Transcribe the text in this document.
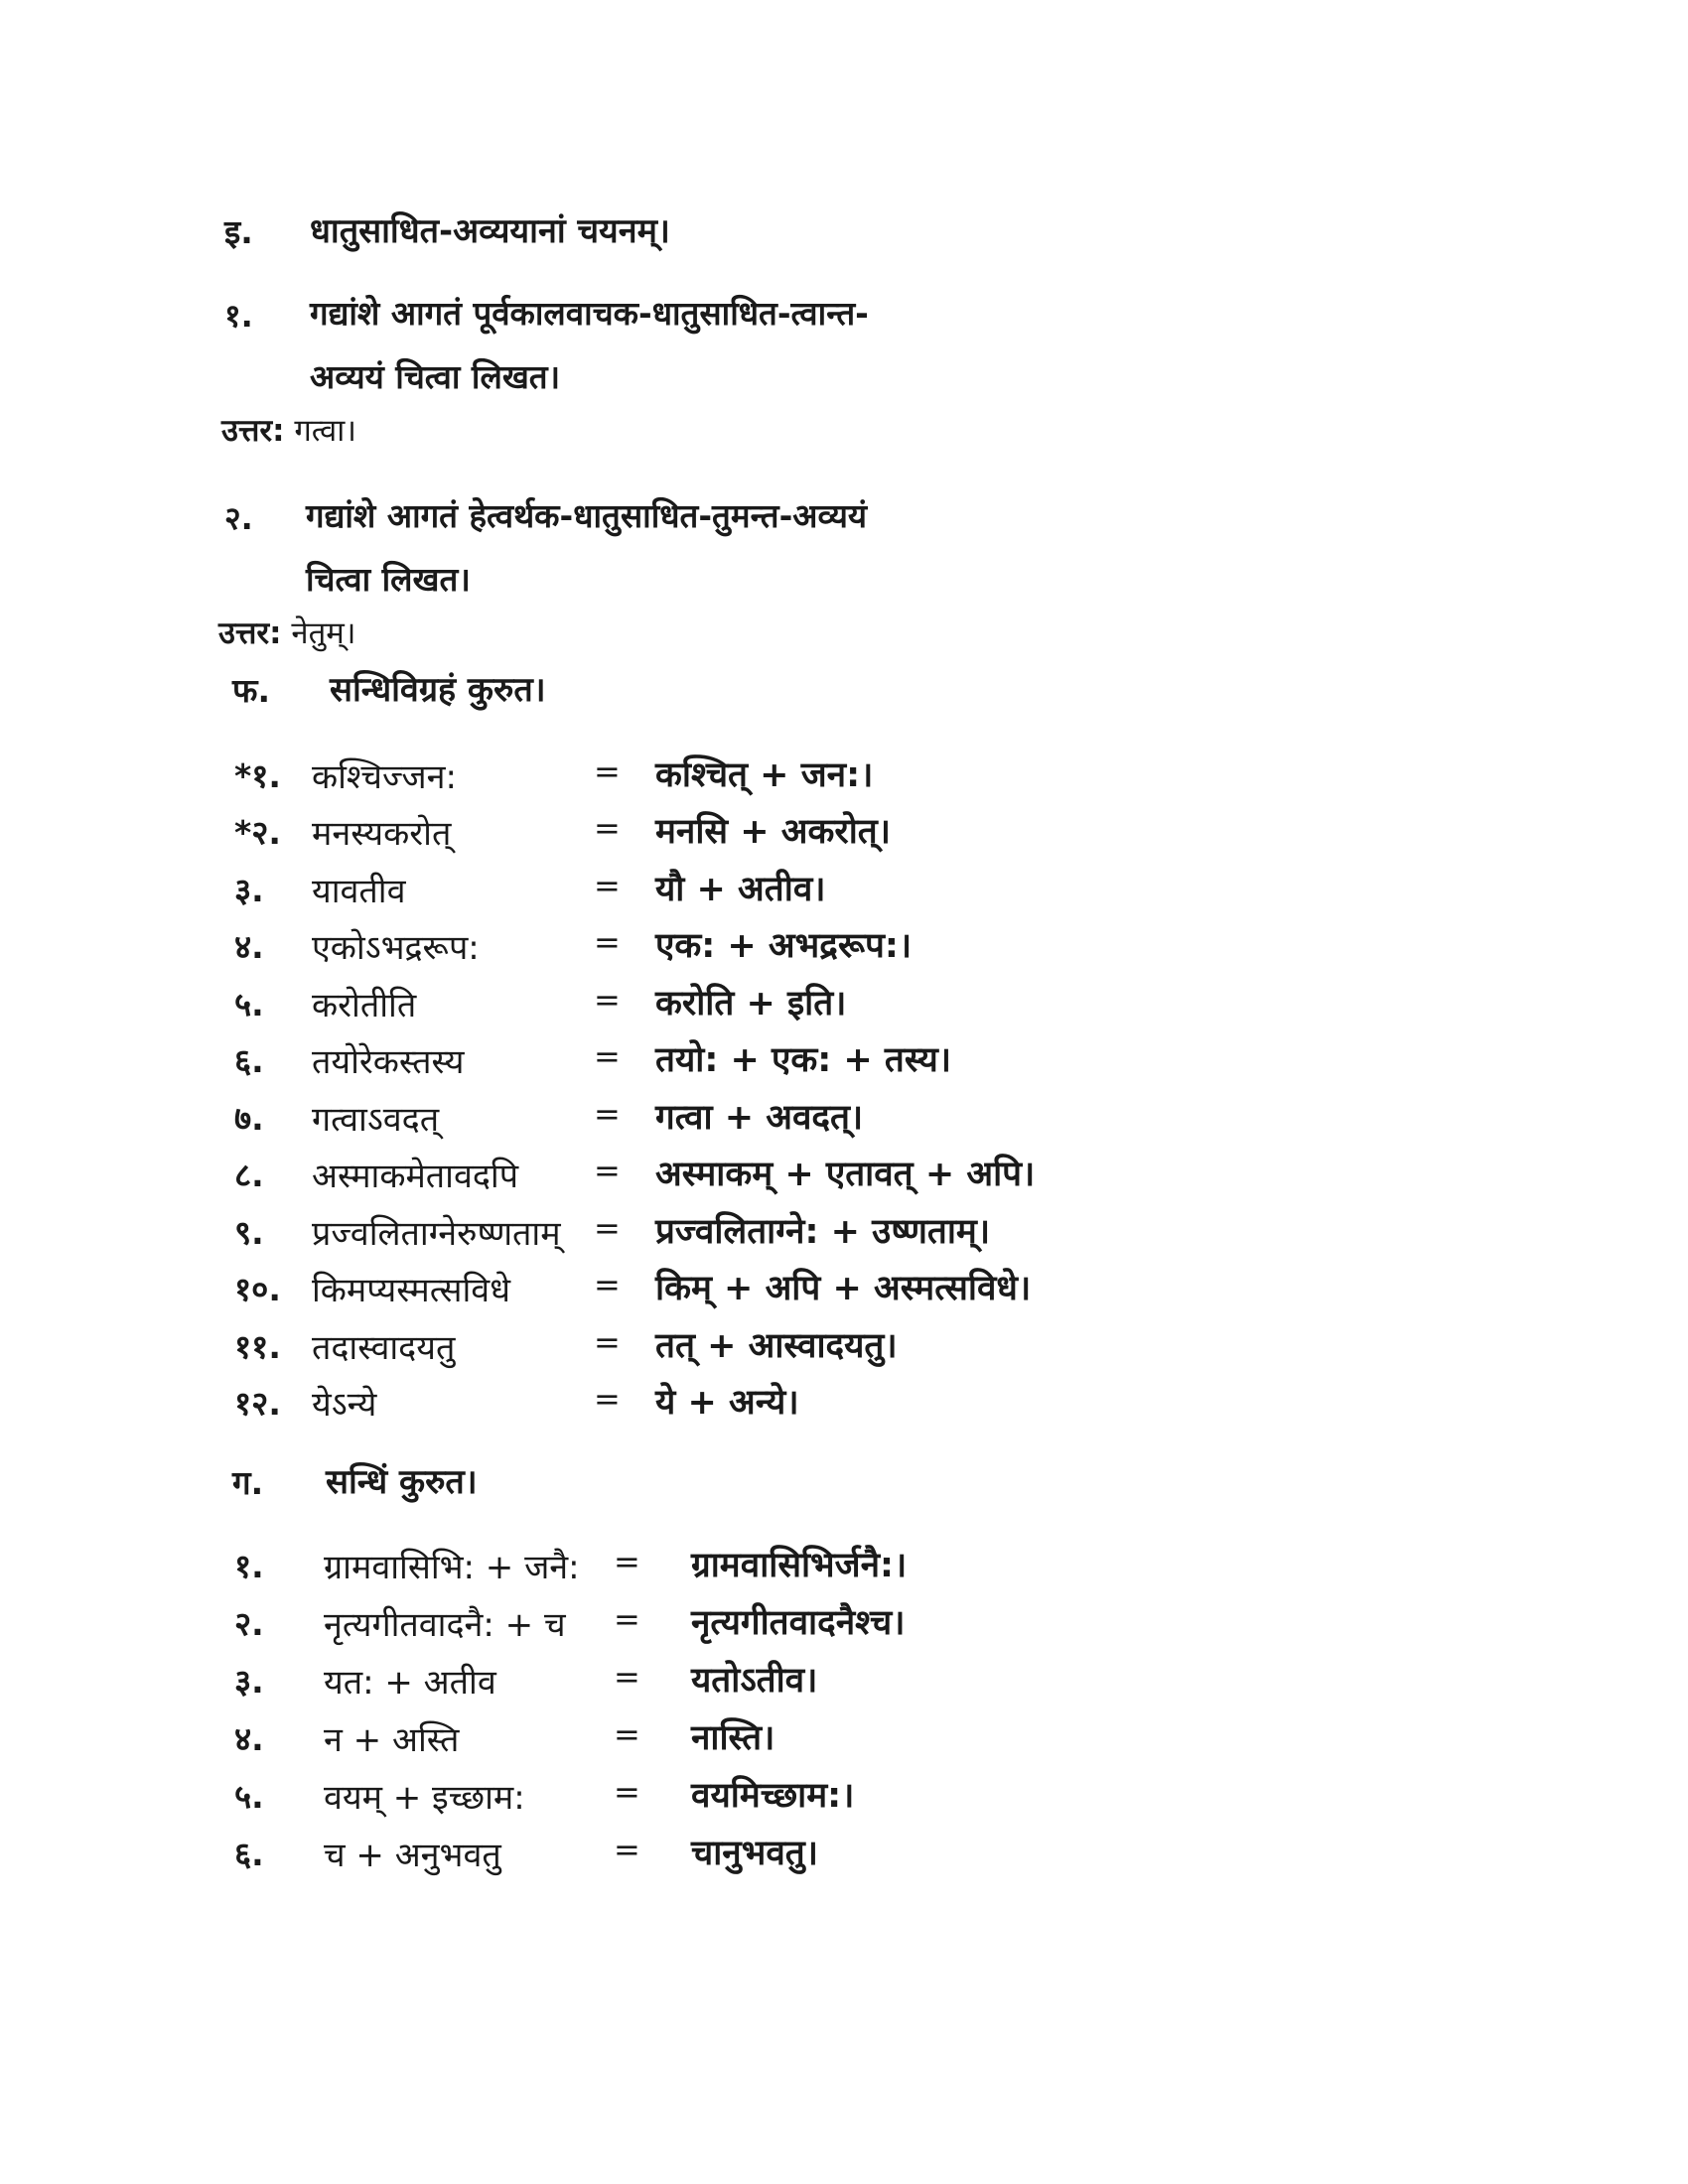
इ. धातुसाधित-अव्ययानां चयनम्।
१. गद्यांशे आगतं पूर्वकालवाचक-धातुसाधित-त्वान्त-
अव्ययं चित्वा लिखत।
उत्तर: गत्वा।
२. गद्यांशे आगतं हेत्वर्थक-धातुसाधित-तुमन्त-अव्ययं
चित्वा लिखत।
उत्तर: नेतुम्।
फ. सन्धिविग्रहं कुरुत।
*१. कश्चिज्जन:	= कश्चित् + जन:।
*२. मनस्यकरोत्	= मनसि + अकरोत्।
३. यावतीव	= यौ + अतीव।
४. एकोऽभद्ररूप:	= एक: + अभद्ररूप:।
५. करोतीति	= करोति + इति।
६. तयोरेकस्तस्य	= तयो: + एक: + तस्य।
७. गत्वाऽवदत्	= गत्वा + अवदत्।
८. अस्माकमेतावदपि = अस्माकम् + एतावत् + अपि।
९. प्रज्वलिताग्नेरुष्णताम् = प्रज्वलिताग्ने: + उष्णताम्।
१०. किमप्यस्मत्सविधे	= किम् + अपि + अस्मत्सविधे।
११. तदास्वादयतु	= तत् + आस्वादयतु।
१२. येऽन्ये	= ये + अन्ये।
ग. सन्धिं कुरुत।
१. ग्रामवासिभि: + जनै: = ग्रामवासिभिर्जनै:।
२. नृत्यगीतवादनै: + च = नृत्यगीतवादनैश्च।
३. यत: + अतीव	= यतोऽतीव।
४. न + अस्ति	= नास्ति।
५. वयम् + इच्छाम:	= वयमिच्छाम:।
६. च + अनुभवतु	= चानुभवतु।
